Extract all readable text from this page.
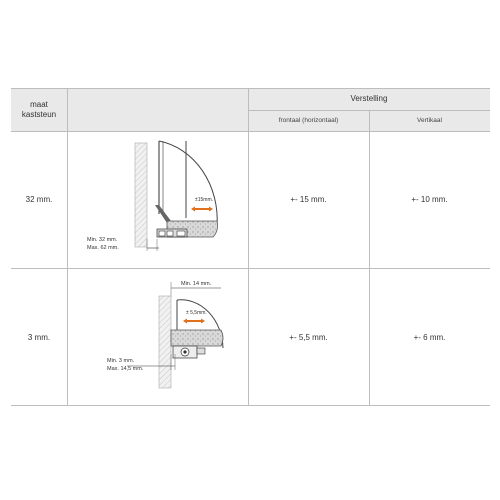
maat
kaststeun
Verstelling
frontaal (horizontaal)	Vertikaal
32 mm.	+- 15 mm.	+- 10 mm.
3 mm.	+- 5,5 mm.	+- 6 mm.
±15mm.
Min. 32 mm.
Max. 62 mm.
Min. 14 mm.
± 5,5mm.
Min. 3 mm.
Max. 14,5 mm.
